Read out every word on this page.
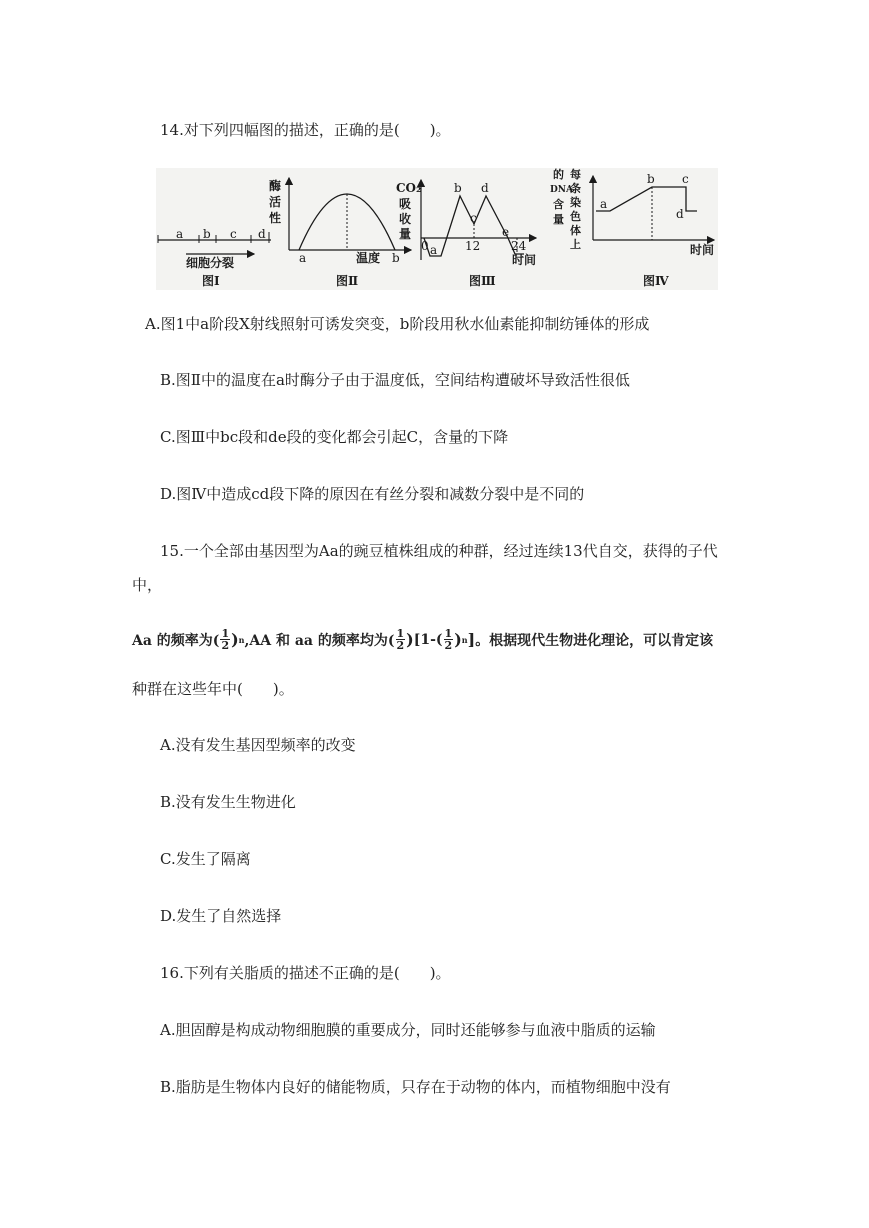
14.对下列四幅图的描述，正确的是(　　)。
a b c d
细胞分裂
图Ⅰ
酶
活
性
a	温度 b
图Ⅱ
CO₂
吸
收
量
0 a
b
c
d
e
12	24
时间
图Ⅲ
的
DNA
含
量
每
条
染
色
体
上
a
b c
d
时间
图Ⅳ
A.图1中a阶段X射线照射可诱发突变，b阶段用秋水仙素能抑制纺锤体的形成
B.图Ⅱ中的温度在a时酶分子由于温度低，空间结构遭破坏导致活性很低
C.图Ⅲ中bc段和de段的变化都会引起C，含量的下降
D.图Ⅳ中造成cd段下降的原因在有丝分裂和减数分裂中是不同的
15.一个全部由基因型为Aa的豌豆植株组成的种群，经过连续13代自交，获得的子代
中，
Aa 的频率为( $\frac{1}{2}$ ) n ,AA 和 aa 的频率均为( $\frac{1}{2}$ ) [$1-( \frac{1}{2}$ ) n ] 。根据现代生物进化理论，可以肯定该
种群在这些年中(　　)。
A.没有发生基因型频率的改变
B.没有发生生物进化
C.发生了隔离
D.发生了自然选择
16.下列有关脂质的描述不正确的是(　　)。
A.胆固醇是构成动物细胞膜的重要成分，同时还能够参与血液中脂质的运输
B.脂肪是生物体内良好的储能物质，只存在于动物的体内，而植物细胞中没有
